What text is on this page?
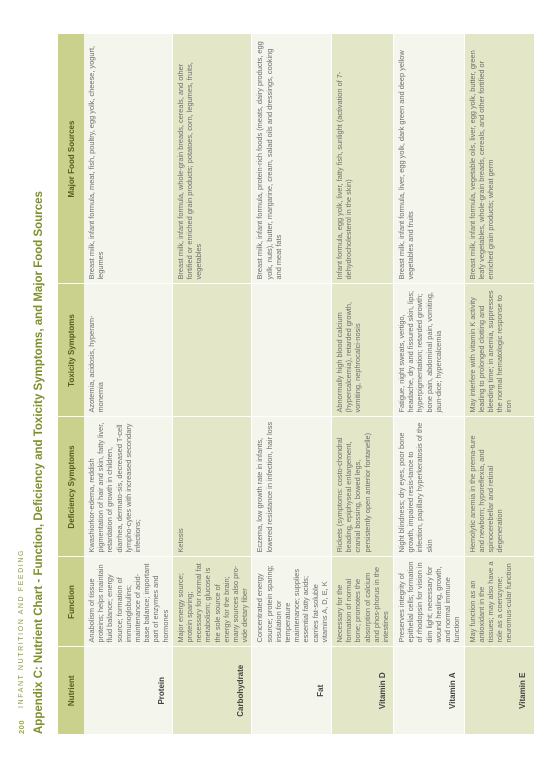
200
INFANT NUTRITION AND FEEDING Appendix C: Nutrient Chart - Function, Deficiency and Toxicity Symptoms, and Major Food Sources	Nutrient	Function	Deficiency Symptoms	Toxicity Symptoms	Major Food Sources
Protein	Anabolism of tissue proteins; helps maintain fluid balance; energy source; formation of immunoglobulins; maintenance of acid-base balance; important part of enzymes and hormones	Kwashiorkor-edema, reddish pigmentation of hair and skin, fatty liver, retardation of growth in children, diarrhea, dermato-sis, decreased T-cell lympho-cytes with increased secondary infections;	Azotemia, acidosis, hyperam-monemia	Breast milk, infant formula, meat, fish, poultry, egg yolk, cheese, yogurt, legumes
Carbohydrate	Major energy source; protein sparing; necessary for normal fat metabolism; glucose is the sole source of energy for the brain; many sources also pro-vide dietary fiber	Ketosis		Breast milk, infant formula, whole-grain breads, cereals, and other fortified or enriched grain products; potatoes, corn, legumes, fruits, vegetables
Fat	Concentrated energy source; protein sparing; insulation for temperature maintenance; supplies essential fatty acids; carries fat-soluble vitamins A, D, E, K	Eczema, low growth rate in infants, lowered resistance in infection, hair loss		Breast milk, infant formula, protein-rich foods (meats, dairy products, egg yolk, nuts), butter, margarine, cream, salad oils and dressings, cooking and meat fats
Vitamin D	Necessary for the formation of normal bone; promotes the absorption of calcium and phos-phorus in the intestines	Rickets (symptoms: costo-chondral beading, epiphyseal enlargement, cranial bossing, bowed legs, persistently open anterior fontanelle)	Abnormally high blood calcium (hypercalcemia), retarded growth, vomiting, nephrocalci-nosis	Infant formula, egg yolk, liver, fatty fish, sunlight (activation of 7-dehydrocholesterol in the skin)
Vitamin A	Preserves integrity of epithelial cells; formation of rhodopsin for vision in dim light; necessary for wound healing, growth, and normal immune function	Night blindness; dry eyes, poor bone growth, impaired resis-tance to infection, papillary hyperkeratosis of the skin	Fatigue, night sweats, vertigo, headache, dry and fissured skin, lips; hyperpigmentation; retarded growth; bone pain, abdominal pain, vomiting, jaun-dice; hypercalcemia	Breast milk, infant formula, liver, egg yolk, dark green and deep yellow vegetables and fruits
Vitamin E	May function as an antioxidant in the tissues; may also have a role as a coenzyme; neuromus-cular function	Hemolytic anemia in the prema-ture and newborn; hyporeflexia, and spinocerebellar and retinal degeneration	May interfere with vitamin K activity leading to prolonged clotting and bleeding time; in anemia, suppresses the normal hematologic response to iron	Breast milk, infant formula, vegetable oils, liver, egg yolk, butter, green leafy vegetables, whole-grain breads, cereals, and other fortified or enriched grain products; wheat germ
